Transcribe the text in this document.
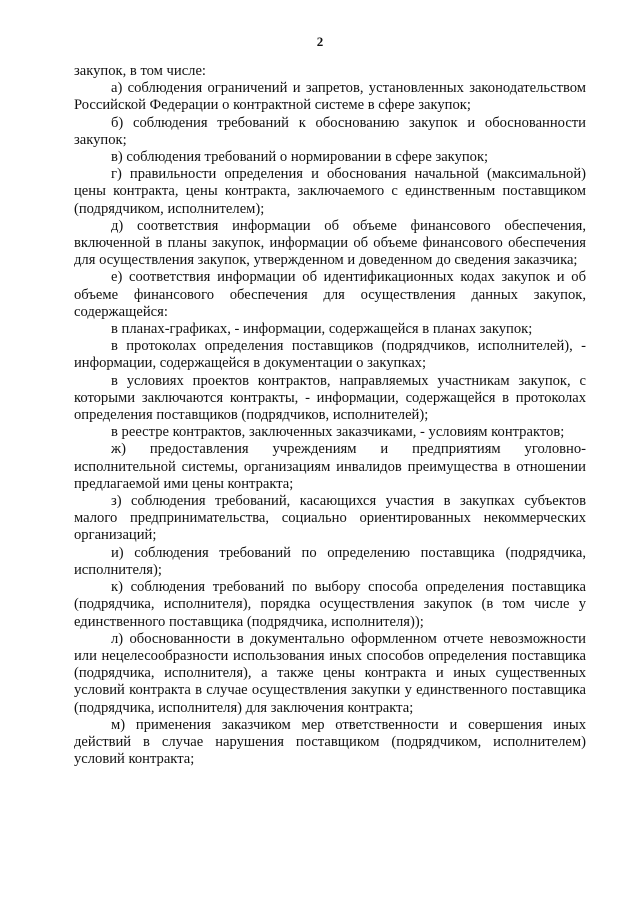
2

закупок, в том числе:

а) соблюдения ограничений и запретов, установленных законодательством Российской Федерации о контрактной системе в сфере закупок;

б) соблюдения требований к обоснованию закупок и обоснованности закупок;

в) соблюдения требований о нормировании в сфере закупок;

г) правильности определения и обоснования начальной (максимальной) цены контракта, цены контракта, заключаемого с единственным поставщиком (подрядчиком, исполнителем);

д) соответствия информации об объеме финансового обеспечения, включенной в планы закупок, информации об объеме финансового обеспечения для осуществления закупок, утвержденном и доведенном до сведения заказчика;

е) соответствия информации об идентификационных кодах закупок и об объеме финансового обеспечения для осуществления данных закупок, содержащейся:

в планах-графиках, - информации, содержащейся в планах закупок;

в протоколах определения поставщиков (подрядчиков, исполнителей), - информации, содержащейся в документации о закупках;

в условиях проектов контрактов, направляемых участникам закупок, с которыми заключаются контракты, - информации, содержащейся в протоколах определения поставщиков (подрядчиков, исполнителей);

в реестре контрактов, заключенных заказчиками, - условиям контрактов;

ж) предоставления учреждениям и предприятиям уголовно-исполнительной системы, организациям инвалидов преимущества в отношении предлагаемой ими цены контракта;

з) соблюдения требований, касающихся участия в закупках субъектов малого предпринимательства, социально ориентированных некоммерческих организаций;

и) соблюдения требований по определению поставщика (подрядчика, исполнителя);

к) соблюдения требований по выбору способа определения поставщика (подрядчика, исполнителя), порядка осуществления закупок (в том числе у единственного поставщика (подрядчика, исполнителя));

л) обоснованности в документально оформленном отчете невозможности или нецелесообразности использования иных способов определения поставщика (подрядчика, исполнителя), а также цены контракта и иных существенных условий контракта в случае осуществления закупки у единственного поставщика (подрядчика, исполнителя) для заключения контракта;

м) применения заказчиком мер ответственности и совершения иных действий в случае нарушения поставщиком (подрядчиком, исполнителем) условий контракта;
